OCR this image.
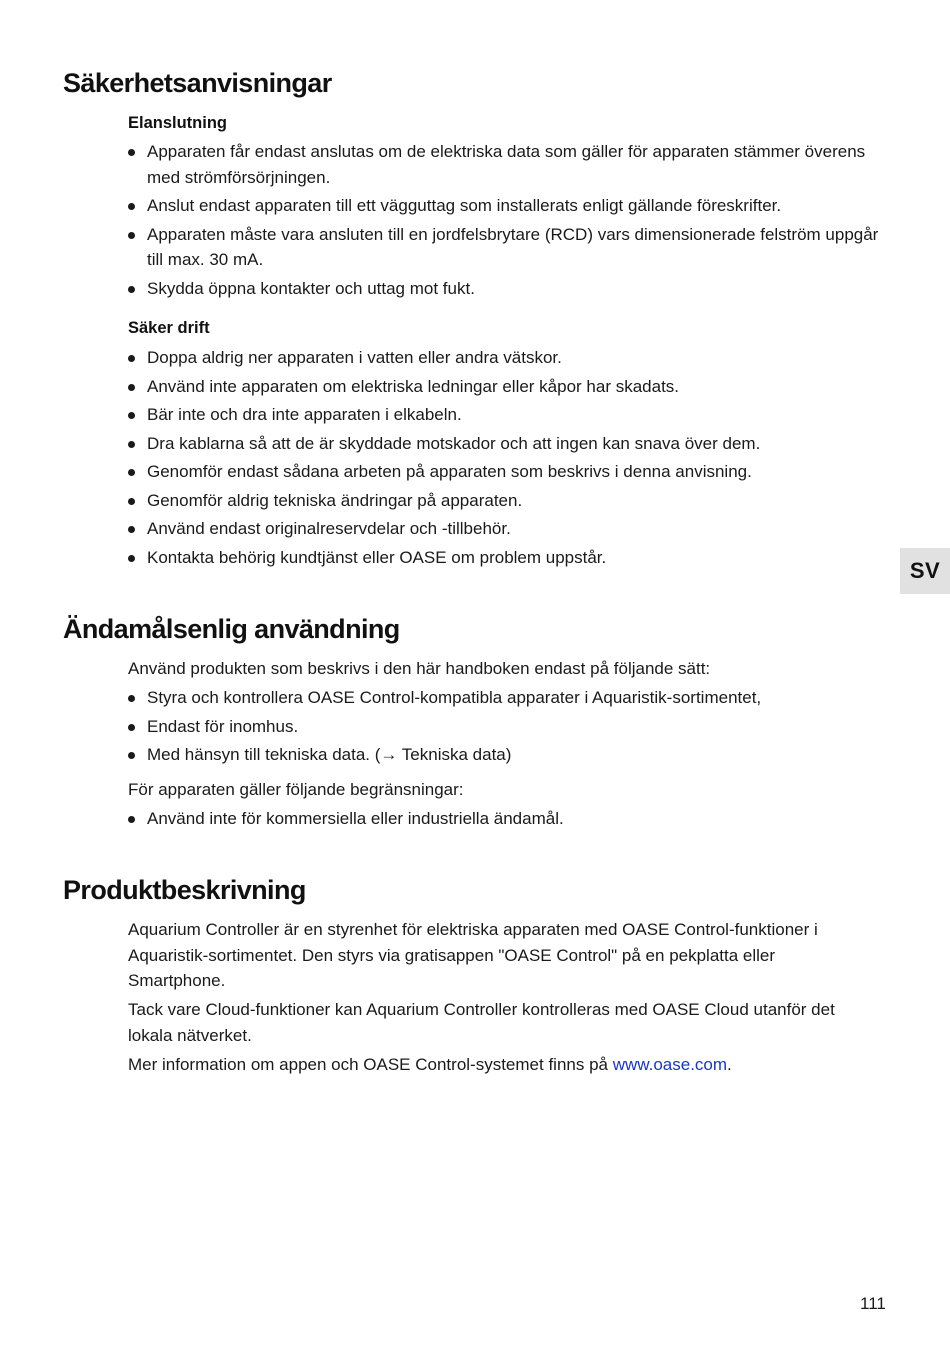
Säkerhetsanvisningar
Elanslutning
Apparaten får endast anslutas om de elektriska data som gäller för apparaten stämmer överens med strömförsörjningen.
Anslut endast apparaten till ett vägguttag som installerats enligt gällande föreskrifter.
Apparaten måste vara ansluten till en jordfelsbrytare (RCD) vars dimensionerade felström uppgår till max. 30 mA.
Skydda öppna kontakter och uttag mot fukt.
Säker drift
Doppa aldrig ner apparaten i vatten eller andra vätskor.
Använd inte apparaten om elektriska ledningar eller kåpor har skadats.
Bär inte och dra inte apparaten i elkabeln.
Dra kablarna så att de är skyddade motskador och att ingen kan snava över dem.
Genomför endast sådana arbeten på apparaten som beskrivs i denna anvisning.
Genomför aldrig tekniska ändringar på apparaten.
Använd endast originalreservdelar och -tillbehör.
Kontakta behörig kundtjänst eller OASE om problem uppstår.
SV
Ändamålsenlig användning

Använd produkten som beskrivs i den här handboken endast på följande sätt:

Styra och kontrollera OASE Control-kompatibla apparater i Aquaristik-sortimentet,
Endast för inomhus.
Med hänsyn till tekniska data. (→ Tekniska data)

För apparaten gäller följande begränsningar:

Använd inte för kommersiella eller industriella ändamål.
Produktbeskrivning

Aquarium Controller är en styrenhet för elektriska apparaten med OASE Control-funktioner i Aquaristik-sortimentet. Den styrs via gratisappen "OASE Control" på en pekplatta eller Smartphone.

Tack vare Cloud-funktioner kan Aquarium Controller kontrolleras med OASE Cloud utanför det lokala nätverket.

Mer information om appen och OASE Control-systemet finns på www.oase.com.

111
